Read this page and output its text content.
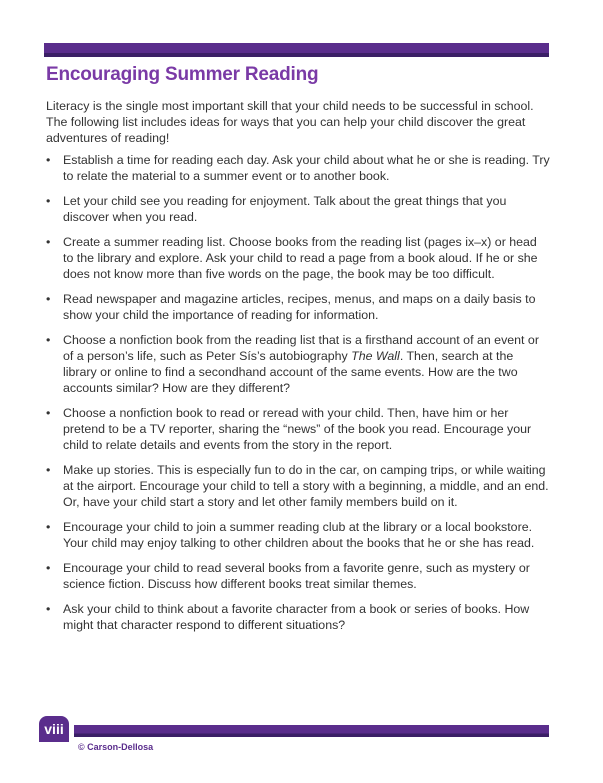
Encouraging Summer Reading

Literacy is the single most important skill that your child needs to be successful in school. The following list includes ideas for ways that you can help your child discover the great adventures of reading!

• Establish a time for reading each day. Ask your child about what he or she is reading. Try to relate the material to a summer event or to another book.
• Let your child see you reading for enjoyment. Talk about the great things that you discover when you read.
• Create a summer reading list. Choose books from the reading list (pages ix–x) or head to the library and explore. Ask your child to read a page from a book aloud. If he or she does not know more than five words on the page, the book may be too difficult.
• Read newspaper and magazine articles, recipes, menus, and maps on a daily basis to show your child the importance of reading for information.
• Choose a nonfiction book from the reading list that is a firsthand account of an event or of a person’s life, such as Peter Sís’s autobiography The Wall. Then, search at the library or online to find a secondhand account of the same events. How are the two accounts similar? How are they different?
• Choose a nonfiction book to read or reread with your child. Then, have him or her pretend to be a TV reporter, sharing the “news” of the book you read. Encourage your child to relate details and events from the story in the report.
• Make up stories. This is especially fun to do in the car, on camping trips, or while waiting at the airport. Encourage your child to tell a story with a beginning, a middle, and an end. Or, have your child start a story and let other family members build on it.
• Encourage your child to join a summer reading club at the library or a local bookstore. Your child may enjoy talking to other children about the books that he or she has read.
• Encourage your child to read several books from a favorite genre, such as mystery or science fiction. Discuss how different books treat similar themes.
• Ask your child to think about a favorite character from a book or series of books. How might that character respond to different situations?
viii
© Carson-Dellosa
